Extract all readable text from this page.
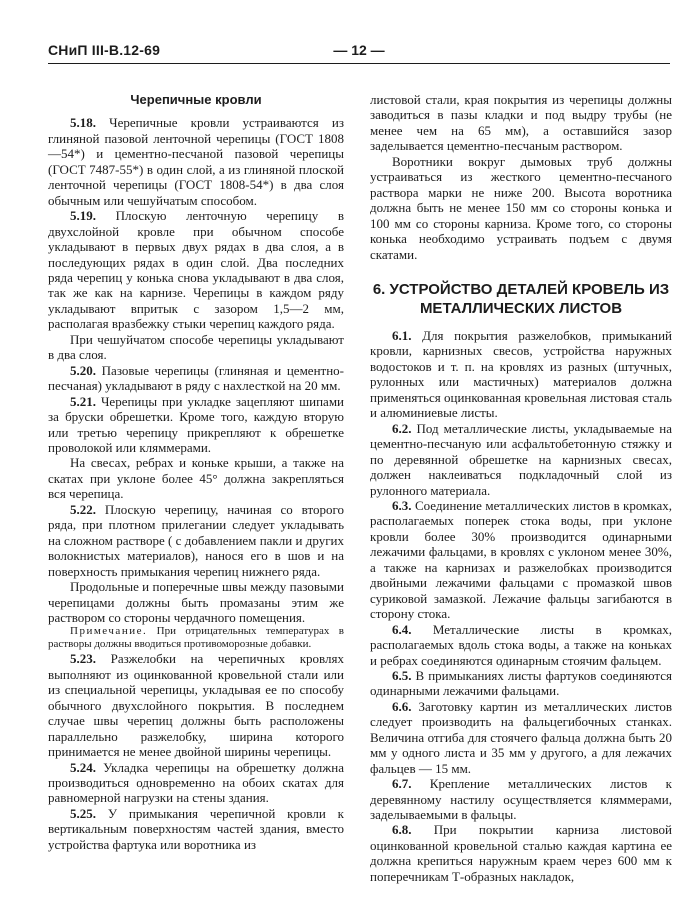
СНиП III-В.12-69	— 12 —
Черепичные кровли

5.18. Черепичные кровли устраиваются из глиняной пазовой ленточной черепицы (ГОСТ 1808—54*) и цементно-песчаной пазовой черепицы (ГОСТ 7487-55*) в один слой, а из глиняной плоской ленточной черепицы (ГОСТ 1808-54*) в два слоя обычным или чешуйчатым способом.

5.19. Плоскую ленточную черепицу в двухслойной кровле при обычном способе укладывают в первых двух рядах в два слоя, а в последующих рядах в один слой. Два последних ряда черепиц у конька снова укладывают в два слоя, так же как на карнизе. Черепицы в каждом ряду укладывают впритык с зазором 1,5—2 мм, располагая вразбежку стыки черепиц каждого ряда.

При чешуйчатом способе черепицы укладывают в два слоя.

5.20. Пазовые черепицы (глиняная и цементно-песчаная) укладывают в ряду с нахлесткой на 20 мм.

5.21. Черепицы при укладке зацепляют шипами за бруски обрешетки. Кроме того, каждую вторую или третью черепицу прикрепляют к обрешетке проволокой или кляммерами.

На свесах, ребрах и коньке крыши, а также на скатах при уклоне более 45° должна закрепляться вся черепица.

5.22. Плоскую черепицу, начиная со второго ряда, при плотном прилегании следует укладывать на сложном растворе ( с добавлением пакли и других волокнистых материалов), нанося его в шов и на поверхность примыкания черепиц нижнего ряда.

Продольные и поперечные швы между пазовыми черепицами должны быть промазаны этим же раствором со стороны чердачного помещения.

Примечание. При отрицательных температурах в растворы должны вводиться противоморозные добавки.

5.23. Разжелобки на черепичных кровлях выполняют из оцинкованной кровельной стали или из специальной черепицы, укладывая ее по способу обычного двухслойного покрытия. В последнем случае швы черепиц должны быть расположены параллельно разжелобку, ширина которого принимается не менее двойной ширины черепицы.

5.24. Укладка черепицы на обрешетку должна производиться одновременно на обоих скатах для равномерной нагрузки на стены здания.

5.25. У примыкания черепичной кровли к вертикальным поверхностям частей здания, вместо устройства фартука или воротника из

листовой стали, края покрытия из черепицы должны заводиться в пазы кладки и под выдру трубы (не менее чем на 65 мм), а оставшийся зазор заделывается цементно-песчаным раствором.

Воротники вокруг дымовых труб должны устраиваться из жесткого цементно-песчаного раствора марки не ниже 200. Высота воротника должна быть не менее 150 мм со стороны конька и 100 мм со стороны карниза. Кроме того, со стороны конька необходимо устраивать подъем с двумя скатами.

6. УСТРОЙСТВО ДЕТАЛЕЙ КРОВЕЛЬ ИЗ МЕТАЛЛИЧЕСКИХ ЛИСТОВ

6.1. Для покрытия разжелобков, примыканий кровли, карнизных свесов, устройства наружных водостоков и т. п. на кровлях из разных (штучных, рулонных или мастичных) материалов должна применяться оцинкованная кровельная листовая сталь и алюминиевые листы.

6.2. Под металлические листы, укладываемые на цементно-песчаную или асфальтобетонную стяжку и по деревянной обрешетке на карнизных свесах, должен наклеиваться подкладочный слой из рулонного материала.

6.3. Соединение металлических листов в кромках, располагаемых поперек стока воды, при уклоне кровли более 30% производится одинарными лежачими фальцами, в кровлях с уклоном менее 30%, а также на карнизах и разжелобках производится двойными лежачими фальцами с промазкой швов суриковой замазкой. Лежачие фальцы загибаются в сторону стока.

6.4. Металлические листы в кромках, располагаемых вдоль стока воды, а также на коньках и ребрах соединяются одинарным стоячим фальцем.

6.5. В примыканиях листы фартуков соединяются одинарными лежачими фальцами.

6.6. Заготовку картин из металлических листов следует производить на фальцегибочных станках. Величина отгиба для стоячего фальца должна быть 20 мм у одного листа и 35 мм у другого, а для лежачих фальцев — 15 мм.

6.7. Крепление металлических листов к деревянному настилу осуществляется кляммерами, заделываемыми в фальцы.

6.8. При покрытии карниза листовой оцинкованной кровельной сталью каждая картина ее должна крепиться наружным краем через 600 мм к поперечникам Т-образных накладок,
